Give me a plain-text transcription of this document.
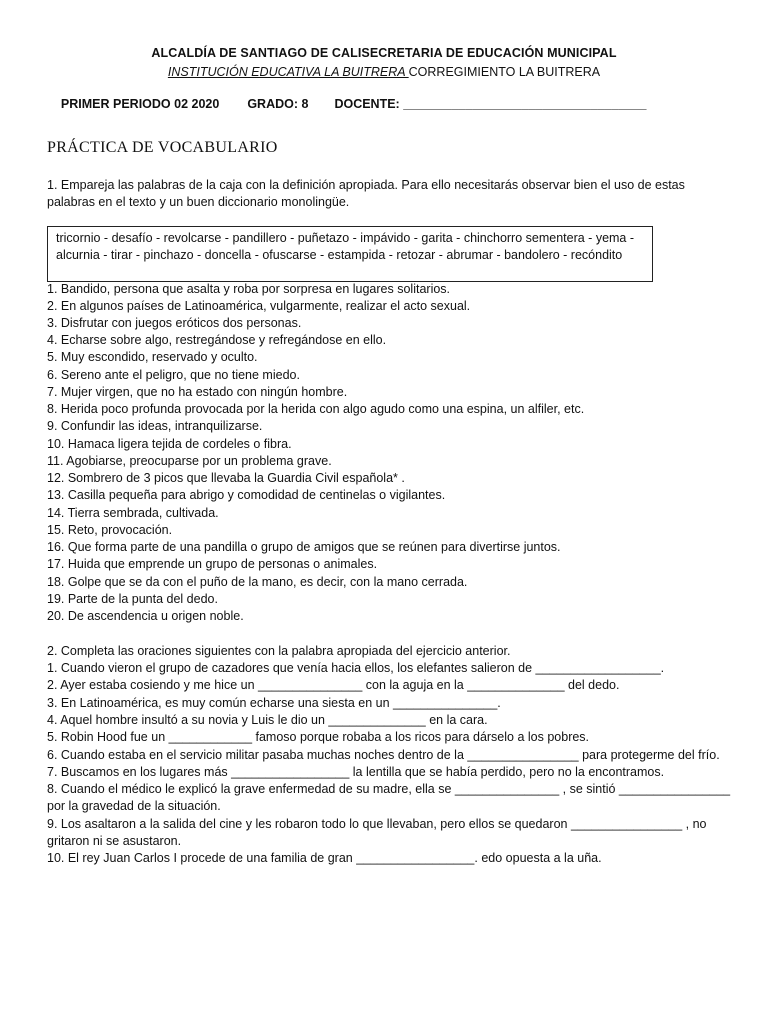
ALCALDÍA DE SANTIAGO DE CALISECRETARIA DE EDUCACIÓN MUNICIPAL
INSTITUCIÓN EDUCATIVA LA BUITRERA CORREGIMIENTO LA BUITRERA

PRIMER PERIODO 02 2020 GRADO: 8 DOCENTE: ___________________________________

PRÁCTICA DE VOCABULARIO
1. Empareja las palabras de la caja con la definición apropiada. Para ello necesitarás observar bien el uso de estas
palabras en el texto y un buen diccionario monolingüe.
tricornio - desafío - revolcarse - pandillero - puñetazo - impávido - garita - chinchorro sementera - yema -
alcurnia - tirar - pinchazo - doncella - ofuscarse - estampida - retozar - abrumar - bandolero - recóndito
1. Bandido, persona que asalta y roba por sorpresa en lugares solitarios.
2. En algunos países de Latinoamérica, vulgarmente, realizar el acto sexual.
3. Disfrutar con juegos eróticos dos personas.
4. Echarse sobre algo, restregándose y refregándose en ello.
5. Muy escondido, reservado y oculto.
6. Sereno ante el peligro, que no tiene miedo.
7. Mujer virgen, que no ha estado con ningún hombre.
8. Herida poco profunda provocada por la herida con algo agudo como una espina, un alfiler, etc.
9. Confundir las ideas, intranquilizarse.
10. Hamaca ligera tejida de cordeles o fibra.
11. Agobiarse, preocuparse por un problema grave.
12. Sombrero de 3 picos que llevaba la Guardia Civil española* .
13. Casilla pequeña para abrigo y comodidad de centinelas o vigilantes.
14. Tierra sembrada, cultivada.
15. Reto, provocación.
16. Que forma parte de una pandilla o grupo de amigos que se reúnen para divertirse juntos.
17. Huida que emprende un grupo de personas o animales.
18. Golpe que se da con el puño de la mano, es decir, con la mano cerrada.
19. Parte de la punta del dedo.
20. De ascendencia u origen noble.
2. Completa las oraciones siguientes con la palabra apropiada del ejercicio anterior.
1. Cuando vieron el grupo de cazadores que venía hacia ellos, los elefantes salieron de __________________.
2. Ayer estaba cosiendo y me hice un _______________ con la aguja en la ______________ del dedo.
3. En Latinoamérica, es muy común echarse una siesta en un _______________.
4. Aquel hombre insultó a su novia y Luis le dio un ______________ en la cara.
5. Robin Hood fue un ____________ famoso porque robaba a los ricos para dárselo a los pobres.
6. Cuando estaba en el servicio militar pasaba muchas noches dentro de la ________________ para protegerme del frío.
7. Buscamos en los lugares más _________________ la lentilla que se había perdido, pero no la encontramos.
8. Cuando el médico le explicó la grave enfermedad de su madre, ella se _______________ , se sintió ________________
por la gravedad de la situación.
9. Los asaltaron a la salida del cine y les robaron todo lo que llevaban, pero ellos se quedaron ________________ , no
gritaron ni se asustaron.
10. El rey Juan Carlos I procede de una familia de gran _________________. edo opuesta a la uña.
